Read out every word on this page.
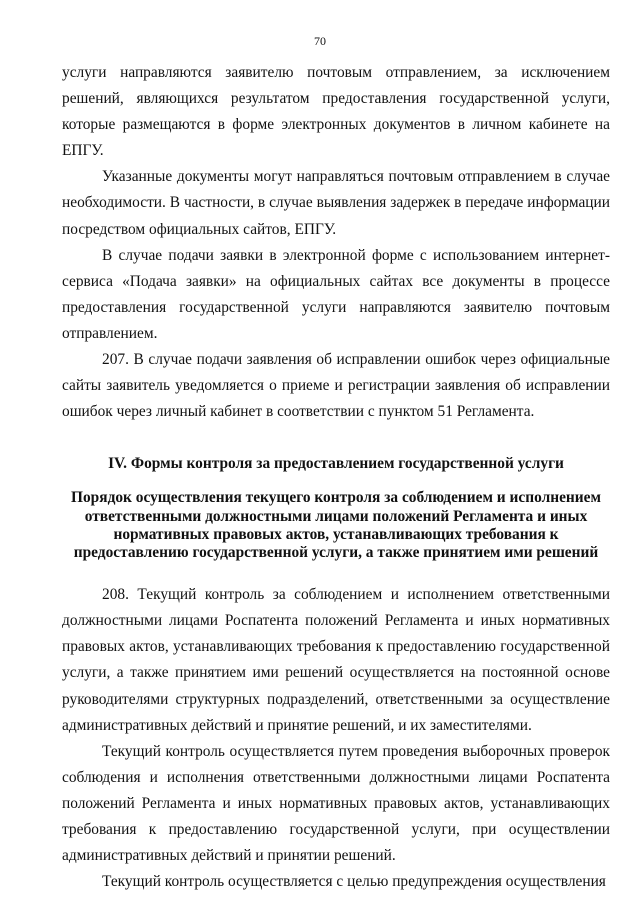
70

услуги направляются заявителю почтовым отправлением, за исключением решений, являющихся результатом предоставления государственной услуги, которые размещаются в форме электронных документов в личном кабинете на ЕПГУ.

Указанные документы могут направляться почтовым отправлением в случае необходимости. В частности, в случае выявления задержек в передаче информации посредством официальных сайтов, ЕПГУ.

В случае подачи заявки в электронной форме с использованием интернет-сервиса «Подача заявки» на официальных сайтах все документы в процессе предоставления государственной услуги направляются заявителю почтовым отправлением.

207. В случае подачи заявления об исправлении ошибок через официальные сайты заявитель уведомляется о приеме и регистрации заявления об исправлении ошибок через личный кабинет в соответствии с пунктом 51 Регламента.

IV. Формы контроля за предоставлением государственной услуги
Порядок осуществления текущего контроля за соблюдением и исполнением ответственными должностными лицами положений Регламента и иных нормативных правовых актов, устанавливающих требования к предоставлению государственной услуги, а также принятием ими решений

208. Текущий контроль за соблюдением и исполнением ответственными должностными лицами Роспатента положений Регламента и иных нормативных правовых актов, устанавливающих требования к предоставлению государственной услуги, а также принятием ими решений осуществляется на постоянной основе руководителями структурных подразделений, ответственными за осуществление административных действий и принятие решений, и их заместителями.

Текущий контроль осуществляется путем проведения выборочных проверок соблюдения и исполнения ответственными должностными лицами Роспатента положений Регламента и иных нормативных правовых актов, устанавливающих требования к предоставлению государственной услуги, при осуществлении административных действий и принятии решений.

Текущий контроль осуществляется с целью предупреждения осуществления
